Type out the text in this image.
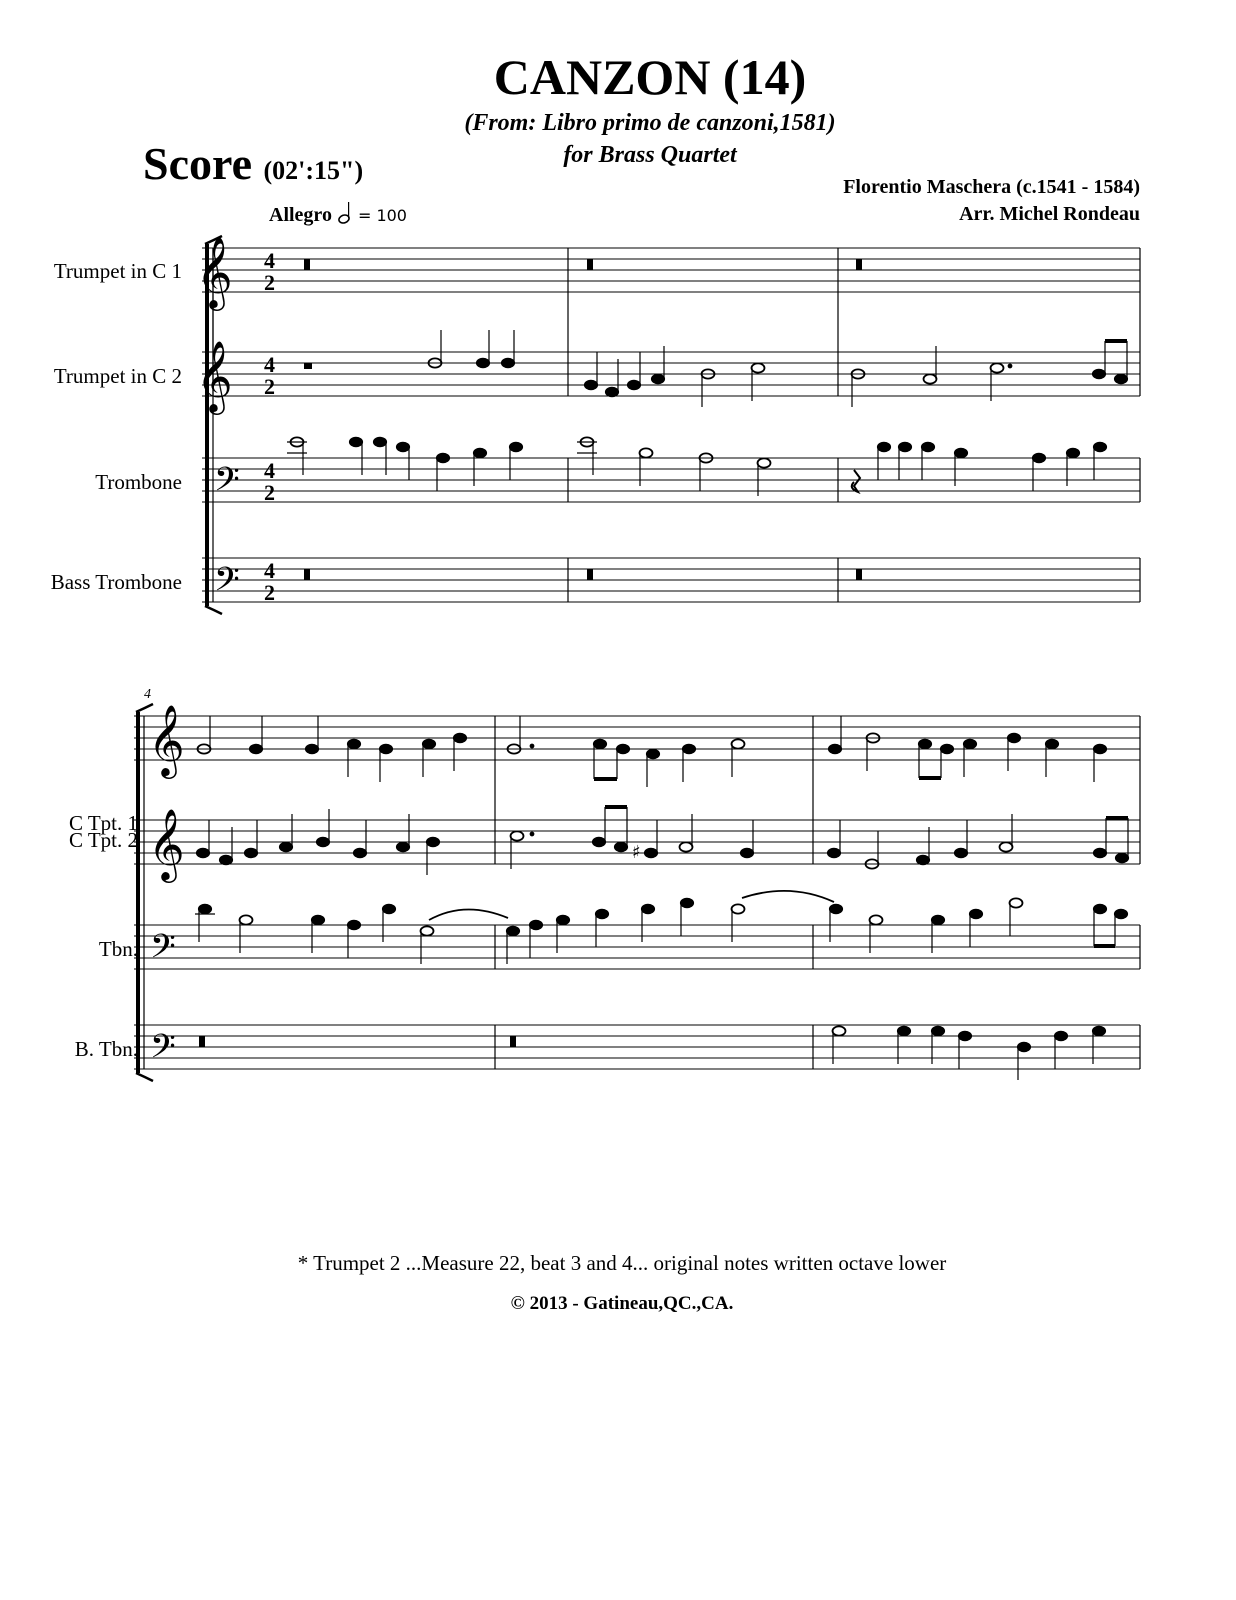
CANZON (14)
(From: Libro primo de canzoni,1581)
for Brass Quartet
Score (02':15")
Florentio Maschera (c.1541 - 1584)
Arr. Michel Rondeau
Allegro = 100
Trumpet in C 1
Trumpet in C 2
Trombone
Bass Trombone
C Tpt. 1
C Tpt. 2
Tbn.
B. Tbn.
𝄞
𝄞
𝄢
𝄢
4
2
4
2
4
2
4
2
4
𝄞
𝄞
𝄢
𝄢
♯
* Trumpet 2 ...Measure 22, beat 3 and 4... original notes written octave lower
© 2013 - Gatineau,QC.,CA.
